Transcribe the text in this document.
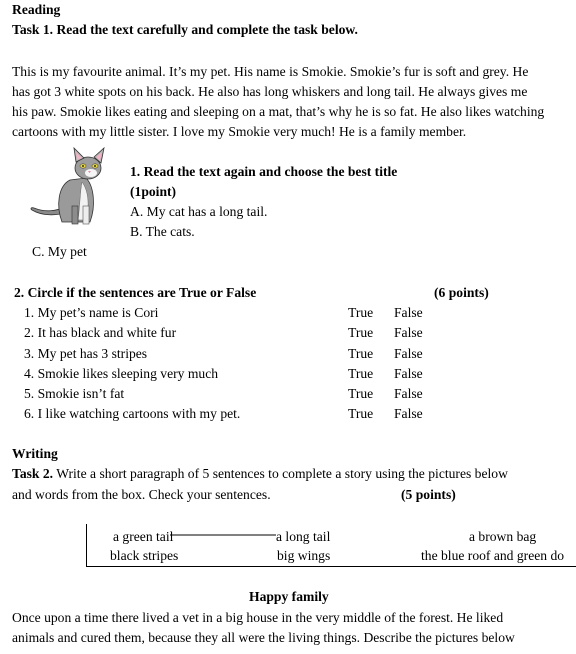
Reading
Task 1. Read the text carefully and complete the task below.
This is my favourite animal. It’s my pet. His name is Smokie. Smokie’s fur is soft and grey. He
has got 3 white spots on his back. He also has long whiskers and long tail. He always gives me
his paw. Smokie likes eating and sleeping on a mat, that’s why he is so fat. He also likes watching
cartoons with my little sister. I love my Smokie very much! He is a family member.
1. Read the text again and choose the best title
(1point)
A. My cat has a long tail.
B. The cats.
C. My pet
2. Circle if the sentences are True or False	(6 points)
1. My pet’s name is Cori	True False
2. It has black and white fur	True False
3. My pet has 3 stripes	True False
4. Smokie likes sleeping very much	True False
5. Smokie isn’t fat	True False
6. I like watching cartoons with my pet.	True False
Writing
Task 2. Write a short paragraph of 5 sentences to complete a story using the pictures below
and words from the box. Check your sentences.	(5 points)
a green tail	a long tail	a brown bag
black stripes	big wings	the blue roof and green do
Happy family
Once upon a time there lived a vet in a big house in the very middle of the forest. He liked
animals and cured them, because they all were the living things. Describe the pictures below
